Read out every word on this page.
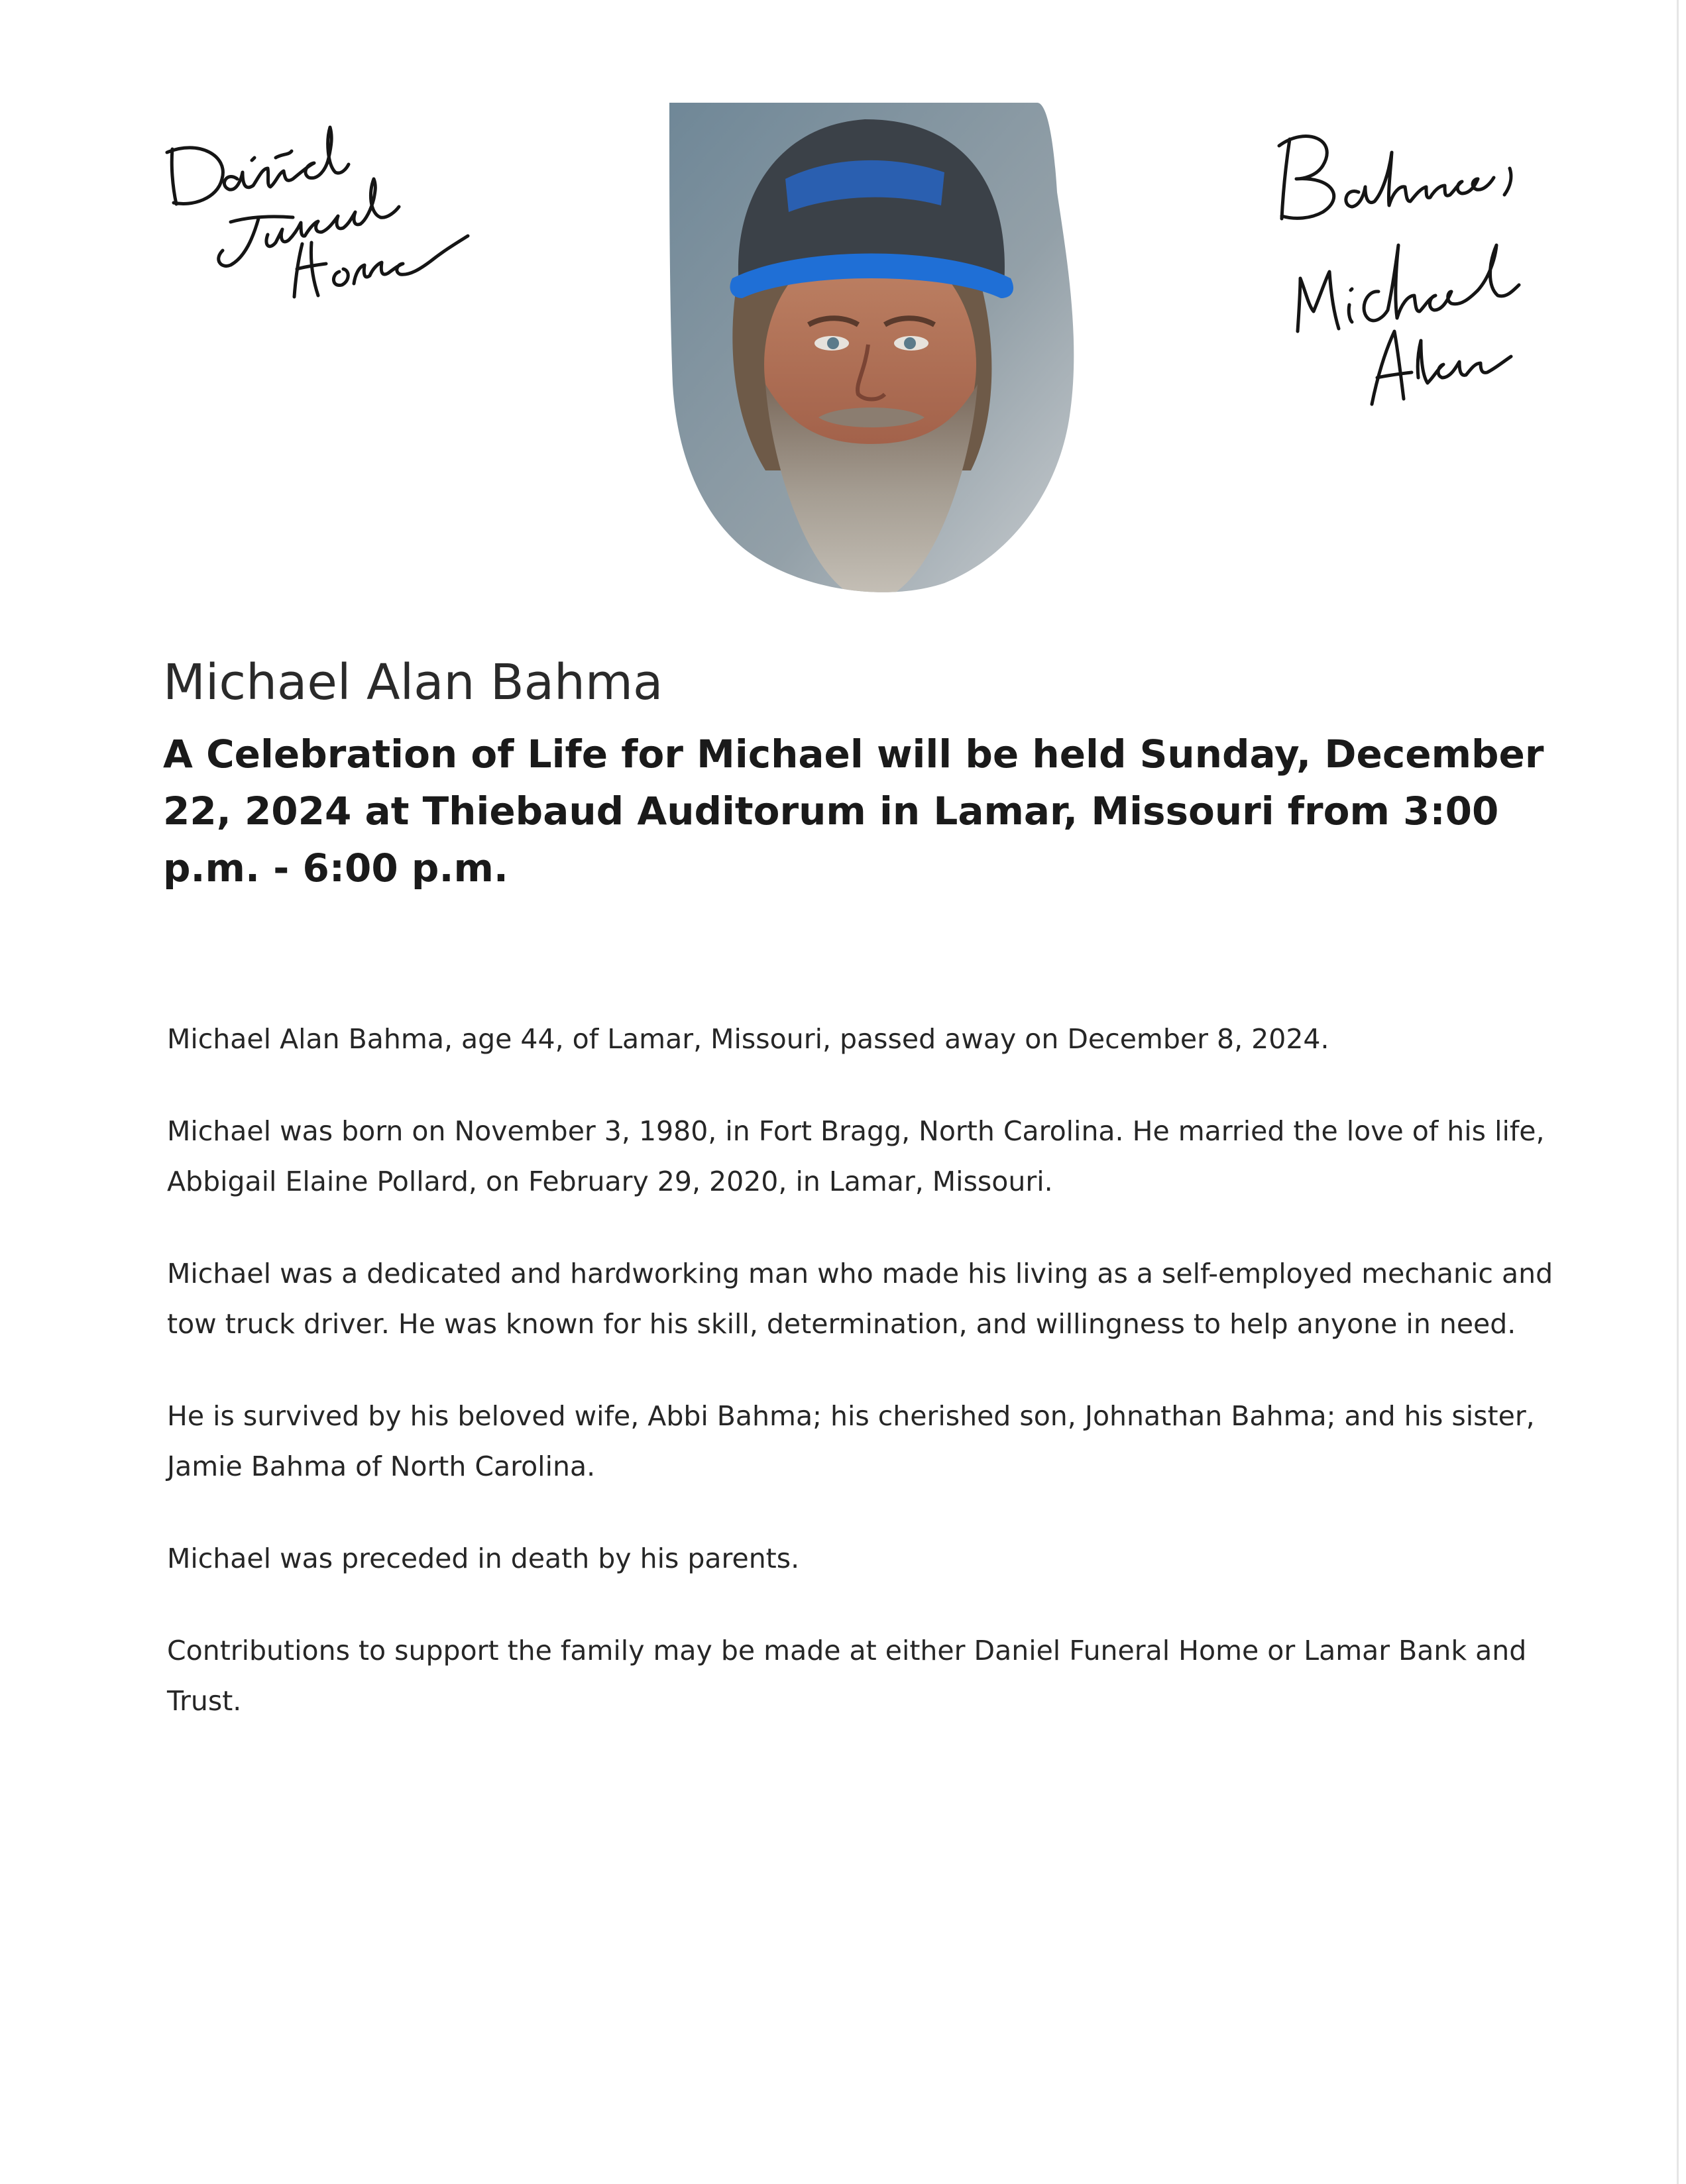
Michael Alan Bahma

A Celebration of Life for Michael will be held Sunday, December 22, 2024 at Thiebaud Auditorum in Lamar, Missouri from 3:00 p.m. - 6:00 p.m.

Michael Alan Bahma, age 44, of Lamar, Missouri, passed away on December 8, 2024.

Michael was born on November 3, 1980, in Fort Bragg, North Carolina. He married the love of his life, Abbigail Elaine Pollard, on February 29, 2020, in Lamar, Missouri.

Michael was a dedicated and hardworking man who made his living as a self-employed mechanic and tow truck driver. He was known for his skill, determination, and willingness to help anyone in need.

He is survived by his beloved wife, Abbi Bahma; his cherished son, Johnathan Bahma; and his sister, Jamie Bahma of North Carolina.

Michael was preceded in death by his parents.

Contributions to support the family may be made at either Daniel Funeral Home or Lamar Bank and Trust.
